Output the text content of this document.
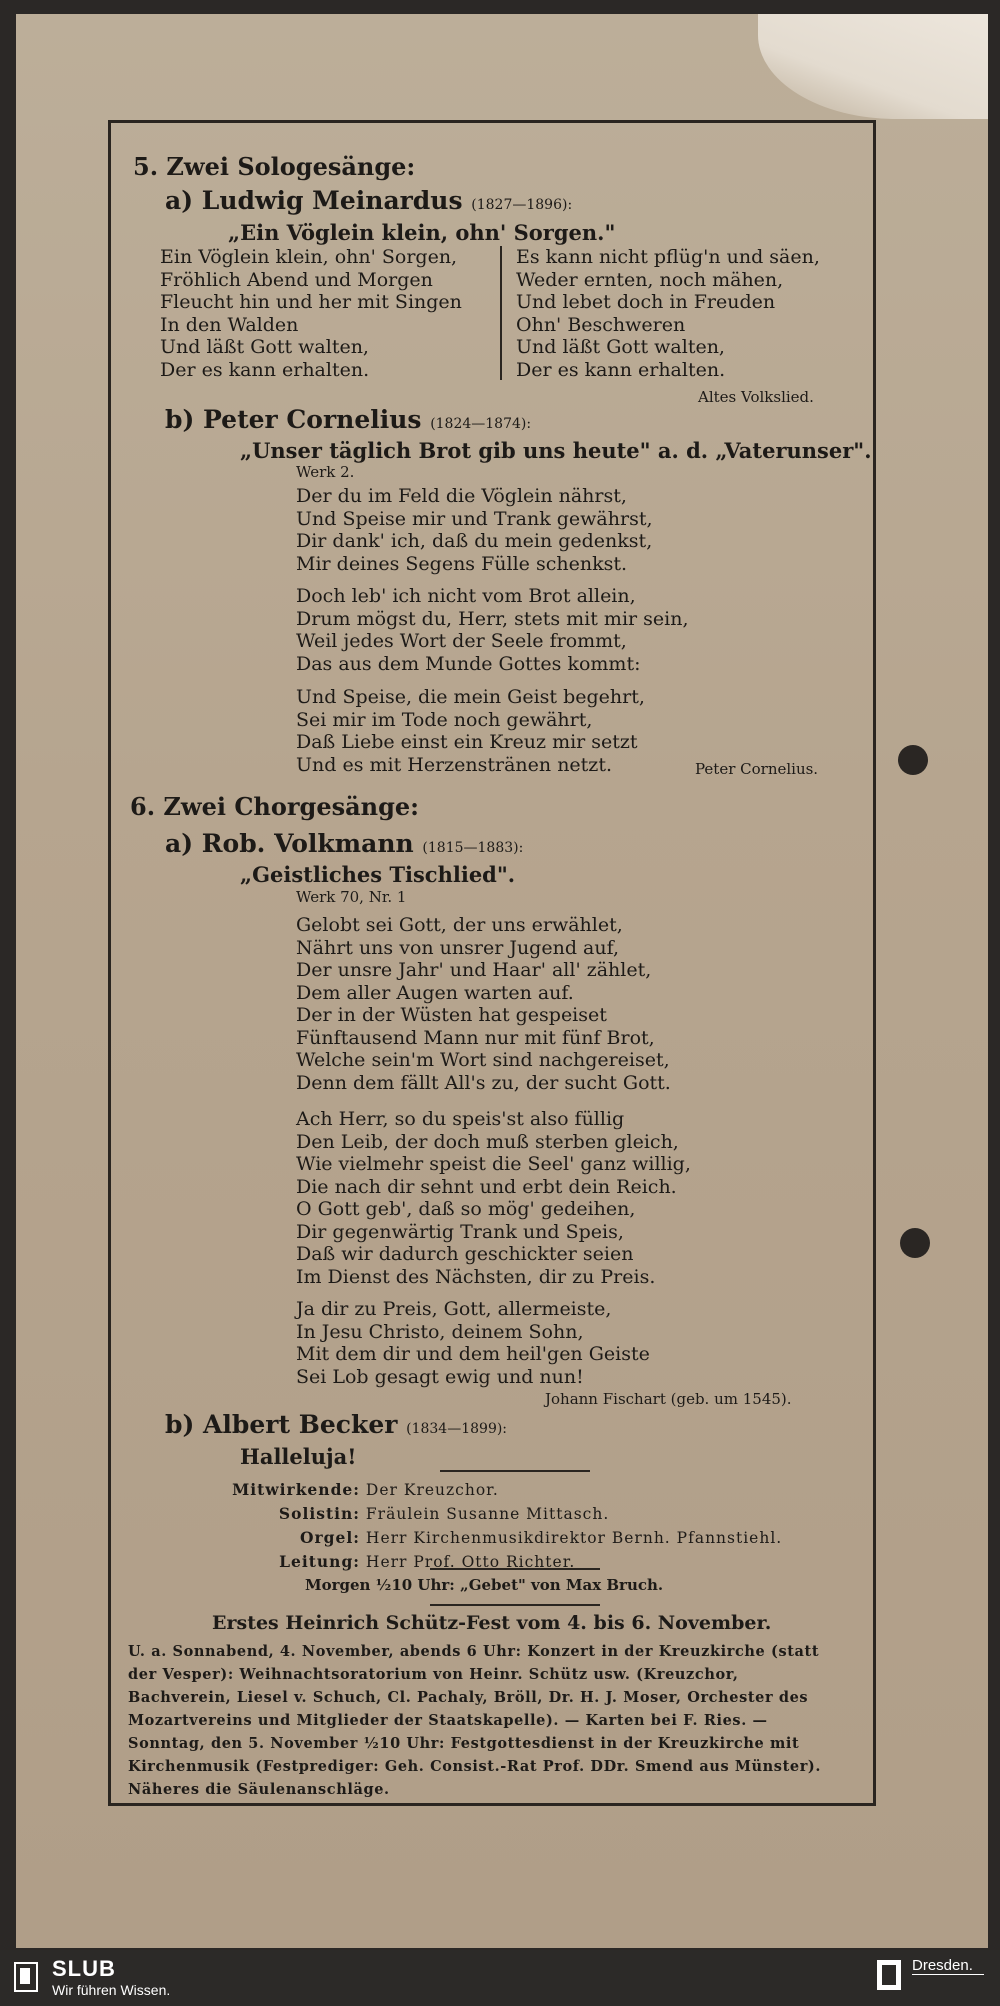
5. Zwei Sologesänge:
a) Ludwig Meinardus (1827—1896):
„Ein Vöglein klein, ohn' Sorgen."
Ein Vöglein klein, ohn' Sorgen,
Fröhlich Abend und Morgen
Fleucht hin und her mit Singen
In den Walden
Und läßt Gott walten,
Der es kann erhalten.
Es kann nicht pflüg'n und säen,
Weder ernten, noch mähen,
Und lebet doch in Freuden
Ohn' Beschweren
Und läßt Gott walten,
Der es kann erhalten.
Altes Volkslied.
b) Peter Cornelius (1824—1874):
„Unser täglich Brot gib uns heute" a. d. „Vaterunser".
Werk 2.
Der du im Feld die Vöglein nährst,
Und Speise mir und Trank gewährst,
Dir dank' ich, daß du mein gedenkst,
Mir deines Segens Fülle schenkst.
Doch leb' ich nicht vom Brot allein,
Drum mögst du, Herr, stets mit mir sein,
Weil jedes Wort der Seele frommt,
Das aus dem Munde Gottes kommt:
Und Speise, die mein Geist begehrt,
Sei mir im Tode noch gewährt,
Daß Liebe einst ein Kreuz mir setzt
Und es mit Herzenstränen netzt.	Peter Cornelius.
6. Zwei Chorgesänge:
a) Rob. Volkmann (1815—1883):
„Geistliches Tischlied".
Werk 70, Nr. 1
Gelobt sei Gott, der uns erwählet,
Nährt uns von unsrer Jugend auf,
Der unsre Jahr' und Haar' all' zählet,
Dem aller Augen warten auf.
Der in der Wüsten hat gespeiset
Fünftausend Mann nur mit fünf Brot,
Welche sein'm Wort sind nachgereiset,
Denn dem fällt All's zu, der sucht Gott.
Ach Herr, so du speis'st also füllig
Den Leib, der doch muß sterben gleich,
Wie vielmehr speist die Seel' ganz willig,
Die nach dir sehnt und erbt dein Reich.
O Gott geb', daß so mög' gedeihen,
Dir gegenwärtig Trank und Speis,
Daß wir dadurch geschickter seien
Im Dienst des Nächsten, dir zu Preis.
Ja dir zu Preis, Gott, allermeiste,
In Jesu Christo, deinem Sohn,
Mit dem dir und dem heil'gen Geiste
Sei Lob gesagt ewig und nun!
Johann Fischart (geb. um 1545).
b) Albert Becker (1834—1899):
Halleluja!
Mitwirkende: Der Kreuzchor.
Solistin: Fräulein Susanne Mittasch.
Orgel: Herr Kirchenmusikdirektor Bernh. Pfannstiehl.
Leitung: Herr Prof. Otto Richter.
Morgen ½10 Uhr: „Gebet" von Max Bruch.
Erstes Heinrich Schütz-Fest vom 4. bis 6. November.
U. a. Sonnabend, 4. November, abends 6 Uhr: Konzert in der Kreuzkirche (statt der Vesper): Weihnachtsoratorium von Heinr. Schütz usw. (Kreuzchor, Bachverein, Liesel v. Schuch, Cl. Pachaly, Bröll, Dr. H. J. Moser, Orchester des Mozartvereins und Mitglieder der Staatskapelle). — Karten bei F. Ries. — Sonntag, den 5. November ½10 Uhr: Festgottesdienst in der Kreuzkirche mit Kirchenmusik (Festprediger: Geh. Consist.-Rat Prof. DDr. Smend aus Münster). Näheres die Säulenanschläge.
SLUB
Wir führen Wissen.
Dresden.
